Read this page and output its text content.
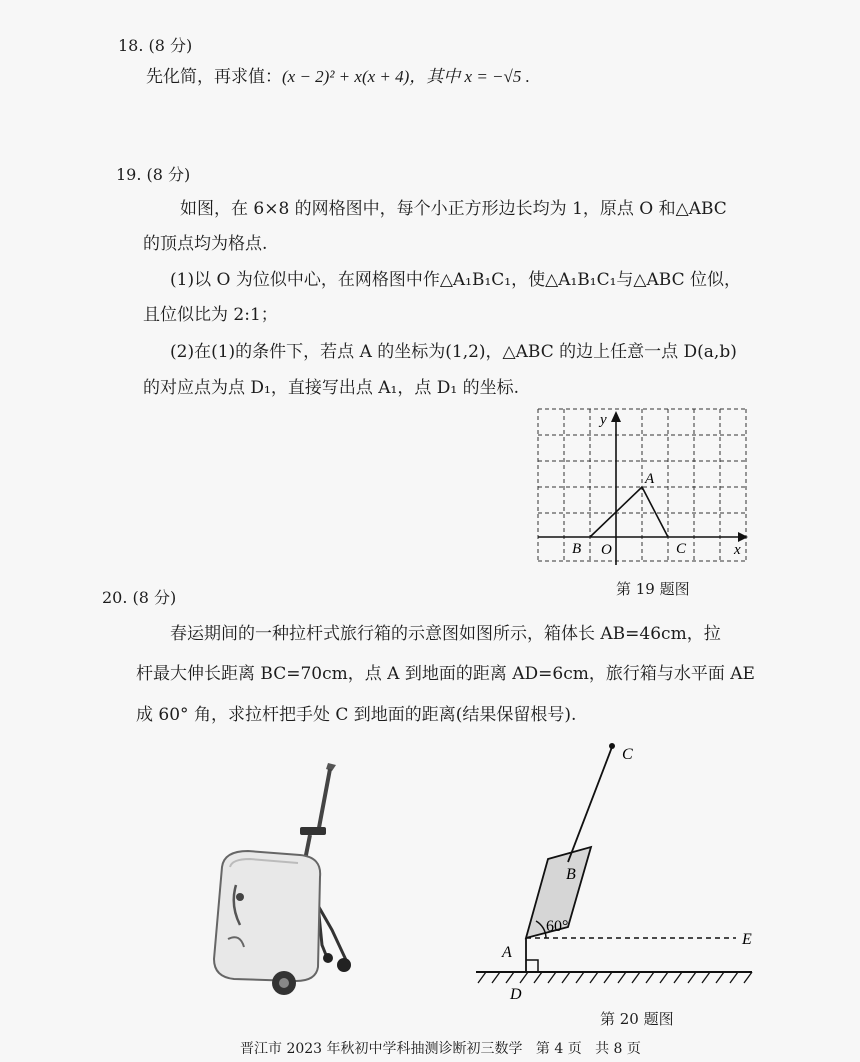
18. (8 分)
先化简，再求值：(x − 2)² + x(x + 4)，其中 x = −√5 .
19. (8 分)
如图，在 6×8 的网格图中，每个小正方形边长均为 1，原点 O 和△ABC
的顶点均为格点.
(1)以 O 为位似中心，在网格图中作△A₁B₁C₁，使△A₁B₁C₁与△ABC 位似，
且位似比为 2:1；
(2)在(1)的条件下，若点 A 的坐标为(1,2)，△ABC 的边上任意一点 D(a,b)
的对应点为点 D₁，直接写出点 A₁，点 D₁ 的坐标.
y
A
B O	C	x
第 19 题图
20. (8 分)
春运期间的一种拉杆式旅行箱的示意图如图所示，箱体长 AB=46cm，拉
杆最大伸长距离 BC=70cm，点 A 到地面的距离 AD=6cm，旅行箱与水平面 AE
成 60° 角，求拉杆把手处 C 到地面的距离(结果保留根号).
C
B
60°
A
E
D
第 20 题图
晋江市 2023 年秋初中学科抽测诊断初三数学 第 4 页 共 8 页
